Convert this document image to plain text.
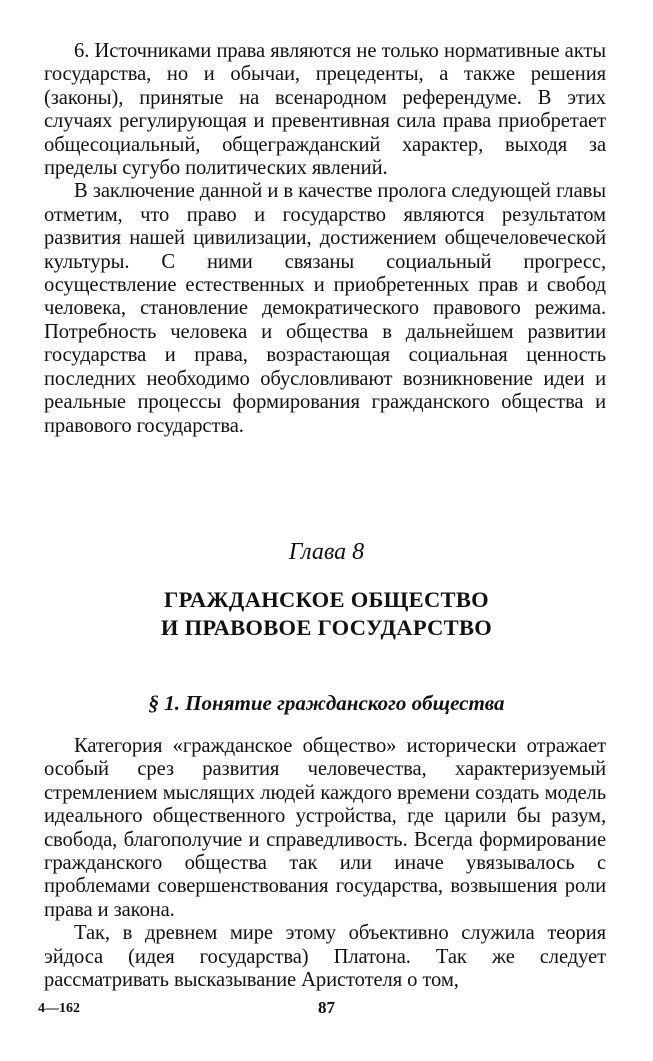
6. Источниками права являются не только нормативные акты государства, но и обычаи, прецеденты, а также решения (законы), принятые на всенародном референдуме. В этих случаях регулирующая и превентивная сила права приобретает общесоциальный, общегражданский характер, выходя за пределы сугубо политических явлений.

В заключение данной и в качестве пролога следующей главы отметим, что право и государство являются результатом развития нашей цивилизации, достижением общечеловеческой культуры. С ними связаны социальный прогресс, осуществление естественных и приобретенных прав и свобод человека, становление демократического правового режима. Потребность человека и общества в дальнейшем развитии государства и права, возрастающая социальная ценность последних необходимо обусловливают возникновение идеи и реальные процессы формирования гражданского общества и правового государства.

Глава 8
ГРАЖДАНСКОЕ ОБЩЕСТВО
И ПРАВОВОЕ ГОСУДАРСТВО
§ 1. Понятие гражданского общества

Категория «гражданское общество» исторически отражает особый срез развития человечества, характеризуемый стремлением мыслящих людей каждого времени создать модель идеального общественного устройства, где царили бы разум, свобода, благополучие и справедливость. Всегда формирование гражданского общества так или иначе увязывалось с проблемами совершенствования государства, возвышения роли права и закона.

Так, в древнем мире этому объективно служила теория эйдоса (идея государства) Платона. Так же следует рассматривать высказывание Аристотеля о том,

4—162	87
